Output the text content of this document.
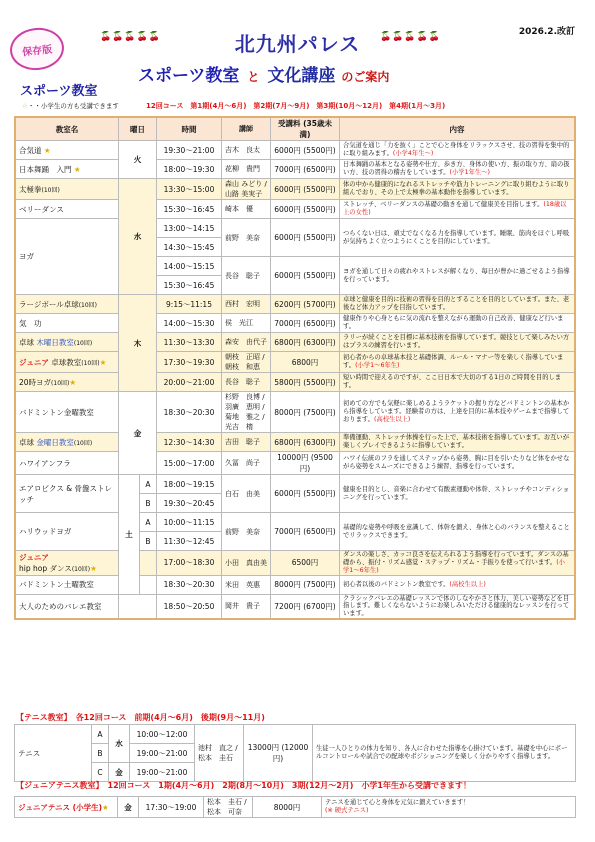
保存版
2026.2.改訂
🍒🍒🍒🍒🍒	🍒🍒🍒🍒🍒
北九州パレス
スポーツ教室 と 文化講座 のご案内
スポーツ教室
☆・・小学生の方も受講できます	12回コース　第1期(4月～6月)　第2期(7月～9月)　第3期(10月～12月)　第4期(1月～3月)
教室名	曜日		時間	講師	受講料 (35歳未満)	内容
合気道 ★	火		19:30～21:00	吉木　良太	6000円 (5500円)	合気道を通じ「力を抜く」ことで心と身体をリラックスさせ、技の習得を集中的に取り組みます。(小学4年生～)
日本舞踊　入門 ★			18:00～19:30	花柳　貴門	7000円 (6500円)	日本舞踊の基本となる姿勢や仕方、歩き方、身体の使い方、振の取り方、扇の扱い方、技の習得の稽古をしています。(小学1年生～)
太極拳(10回)	水		13:30～15:00	森山 みどり / 山路 美実子	6000円 (5500円)	体の中から健康的になれるストレッチや筋力トレーニングに取り組むように取り組んでおり、その上で太極拳の基本動作を指導しています。
ベリーダンス			15:30～16:45	崎本　優	6000円 (5500円)	ストレッチ、ベリーダンスの基礎の動きを通して健康美を目指します。(18歳以上の女性)
ヨガ			13:00～14:15	前野　美奈	6000円 (5500円)	つらくない日は、頑丈でなくなる力を指導しています。睡眠、筋肉をほぐし呼吸が気持ちよく立つようにくことを目的にしています。
			14:30～15:45			
			14:00～15:15	長谷　聡子	6000円 (5500円)	ヨガを通して日々の疲れやストレスが解くなり、毎日が豊かに過ごせるよう指導を行っています。
			15:30～16:45			
ラージボール卓球(10回)	木		9:15～11:15	西村　宏明	6200円 (5700円)	卓球と健康を目的に技術の習得を目的とすることを目的としています。また、老後など体力アップを目指しています。
気　功			14:00～15:30	侯　光江	7000円 (6500円)	健康作りや心身ともに気の流れを整えながら運動の自己改善、健康など行います。
卓球 木曜日教室(10回)			11:30～13:30	森安　由代子	6800円 (6300円)	ラリーが続くことを目標に基本技術を指導しています。競技として楽しみたい方はプラスの練習を行います。
ジュニア 卓球教室(10回)★			17:30～19:30	朝枝　正昭 / 朝枝　和恵	6800円	初心者からの卓球基本技と基礎体調、ルール・マナー等を楽しく指導しています。(小学1～6年生)
20時ヨガ(10回)★			20:00～21:00	長谷　聡子	5800円 (5500円)	短い時間で迎えるのですが、ここ日日本で大切のする1日のご時間を目的します。
バドミントン金曜教室	金		18:30～20:30	杉野　良博 / 羽廣　恵明 / 菊地　雅之 / 光吉　楕	8000円 (7500円)	初めての方でも気軽に楽しめるようラケットの握り方などバドミントンの基本から指導をしています。経験者の方は、上達を目的に基本技やゲームまで指導しております。(高校生以上)
卓球 金曜日教室(10回)			12:30～14:30	吉田　聡子	6800円 (6300円)	準備運動、ストレッチ体操を行った上で、基本技術を指導しています。お互いが楽しくプレイできるように指導しています。
ハワイアンフラ			15:00～17:00	久冨　尚子	10000円 (9500円)	ハワイ伝統のフラを通してステップから姿勢、胸に目を引いたりなど体をかせながら姿勢をスムーズにできるよう練習、指導を行っています。
エアロビクス & 骨盤ストレッチ	土	A	18:00～19:15	白石　由美	6000円 (5500円)	健康を目的とし、音楽に合わせて有酸素運動や体幹、ストレッチやコンディショニングを行っています。
		B	19:30～20:45			
ハリウッドヨガ		A	10:00～11:15	前野　美奈	7000円 (6500円)	基礎的な姿勢や呼吸を意識して、体幹を鍛え、身体と心のバランスを整えることでリラックスできます。
		B	11:30～12:45			
ジュニア
hip hop ダンス(10回)★			17:00～18:30	小田　真由美	6500円	ダンスの楽しさ、カッコ良さを伝えられるよう指導を行っています。ダンスの基礎から、振付・リズム感覚・ステップ・リズム・手振りを使って行います。(小学1～6年生)
バドミントン土曜教室			18:30～20:30	米田　英惠	8000円 (7500円)	初心者以後のバドミントン教室です。(高校生以上)
大人のためのバレエ教室			18:50～20:50	岡井　貴子	7200円 (6700円)	クラシックバレエの基礎レッスンで体のしなやかさと体力、美しい姿勢などを目指します。難しくならないようにお楽しみいただける健康的なレッスンを行っています。
【テニス教室】　 各12回コース　前期(4月～6月)　後期(9月～11月)
テニス	A	水	10:00～12:00	池村　直之 / 松本　圭石	13000円 (12000円)	生徒一人ひとりの体力を知り、各人に合わせた指導を心掛けています。基礎を中心にボールコントロールや試合での配球やポジショニングを楽しく分かりやすく指導します。
	B		19:00～21:00			
	C	金	19:00～21:00			
【ジュニアテニス教室】　 12回コース　1期(4月～6月)　2期(8月～10月)　3期(12月～2月)　 小学1年生から受講できます！
ジュニアテニス (小学生)★	金	17:30～19:00	松本　圭石 / 松本　可奈	8000円	テニスを通じて心と身体を元気に鍛えていきます！
(※ 硬式テニス)
